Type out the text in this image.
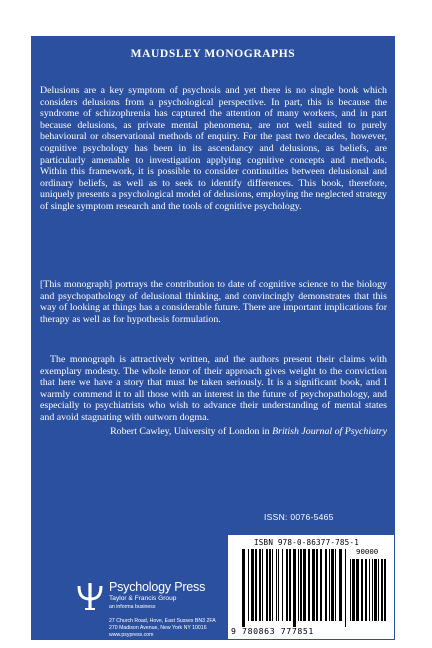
MAUDSLEY MONOGRAPHS

Delusions are a key symptom of psychosis and yet there is no single book which considers delusions from a psychological perspective. In part, this is because the syndrome of schizophrenia has captured the attention of many workers, and in part because delusions, as private mental phenomena, are not well suited to purely behavioural or observational methods of enquiry. For the past two decades, however, cognitive psychology has been in its ascendancy and delusions, as beliefs, are particularly amenable to investigation applying cognitive concepts and methods. Within this framework, it is possible to consider continuities between delusional and ordinary beliefs, as well as to seek to identify differences. This book, therefore, uniquely presents a psychological model of delusions, employing the neglected strategy of single symptom research and the tools of cognitive psychology.

[This monograph] portrays the contribution to date of cognitive science to the biology and psychopathology of delusional thinking, and convincingly demonstrates that this way of looking at things has a considerable future. There are important implications for therapy as well as for hypothesis formulation.

The monograph is attractively written, and the authors present their claims with exemplary modesty. The whole tenor of their approach gives weight to the conviction that here we have a story that must be taken seriously. It is a significant book, and I warmly commend it to all those with an interest in the future of psychopathology, and especially to psychiatrists who wish to advance their understanding of mental states and avoid stagnating with outworn dogma.

Robert Cawley, University of London in British Journal of Psychiatry
ISSN: 0076-5465
Psychology Press
Taylor & Francis Group
an informa business
27 Church Road, Hove, East Sussex BN3 2FA
270 Madison Avenue, New York NY 10016
www.psypress.com
ISBN 978-0-86377-785-1
90000
9 780863 777851
